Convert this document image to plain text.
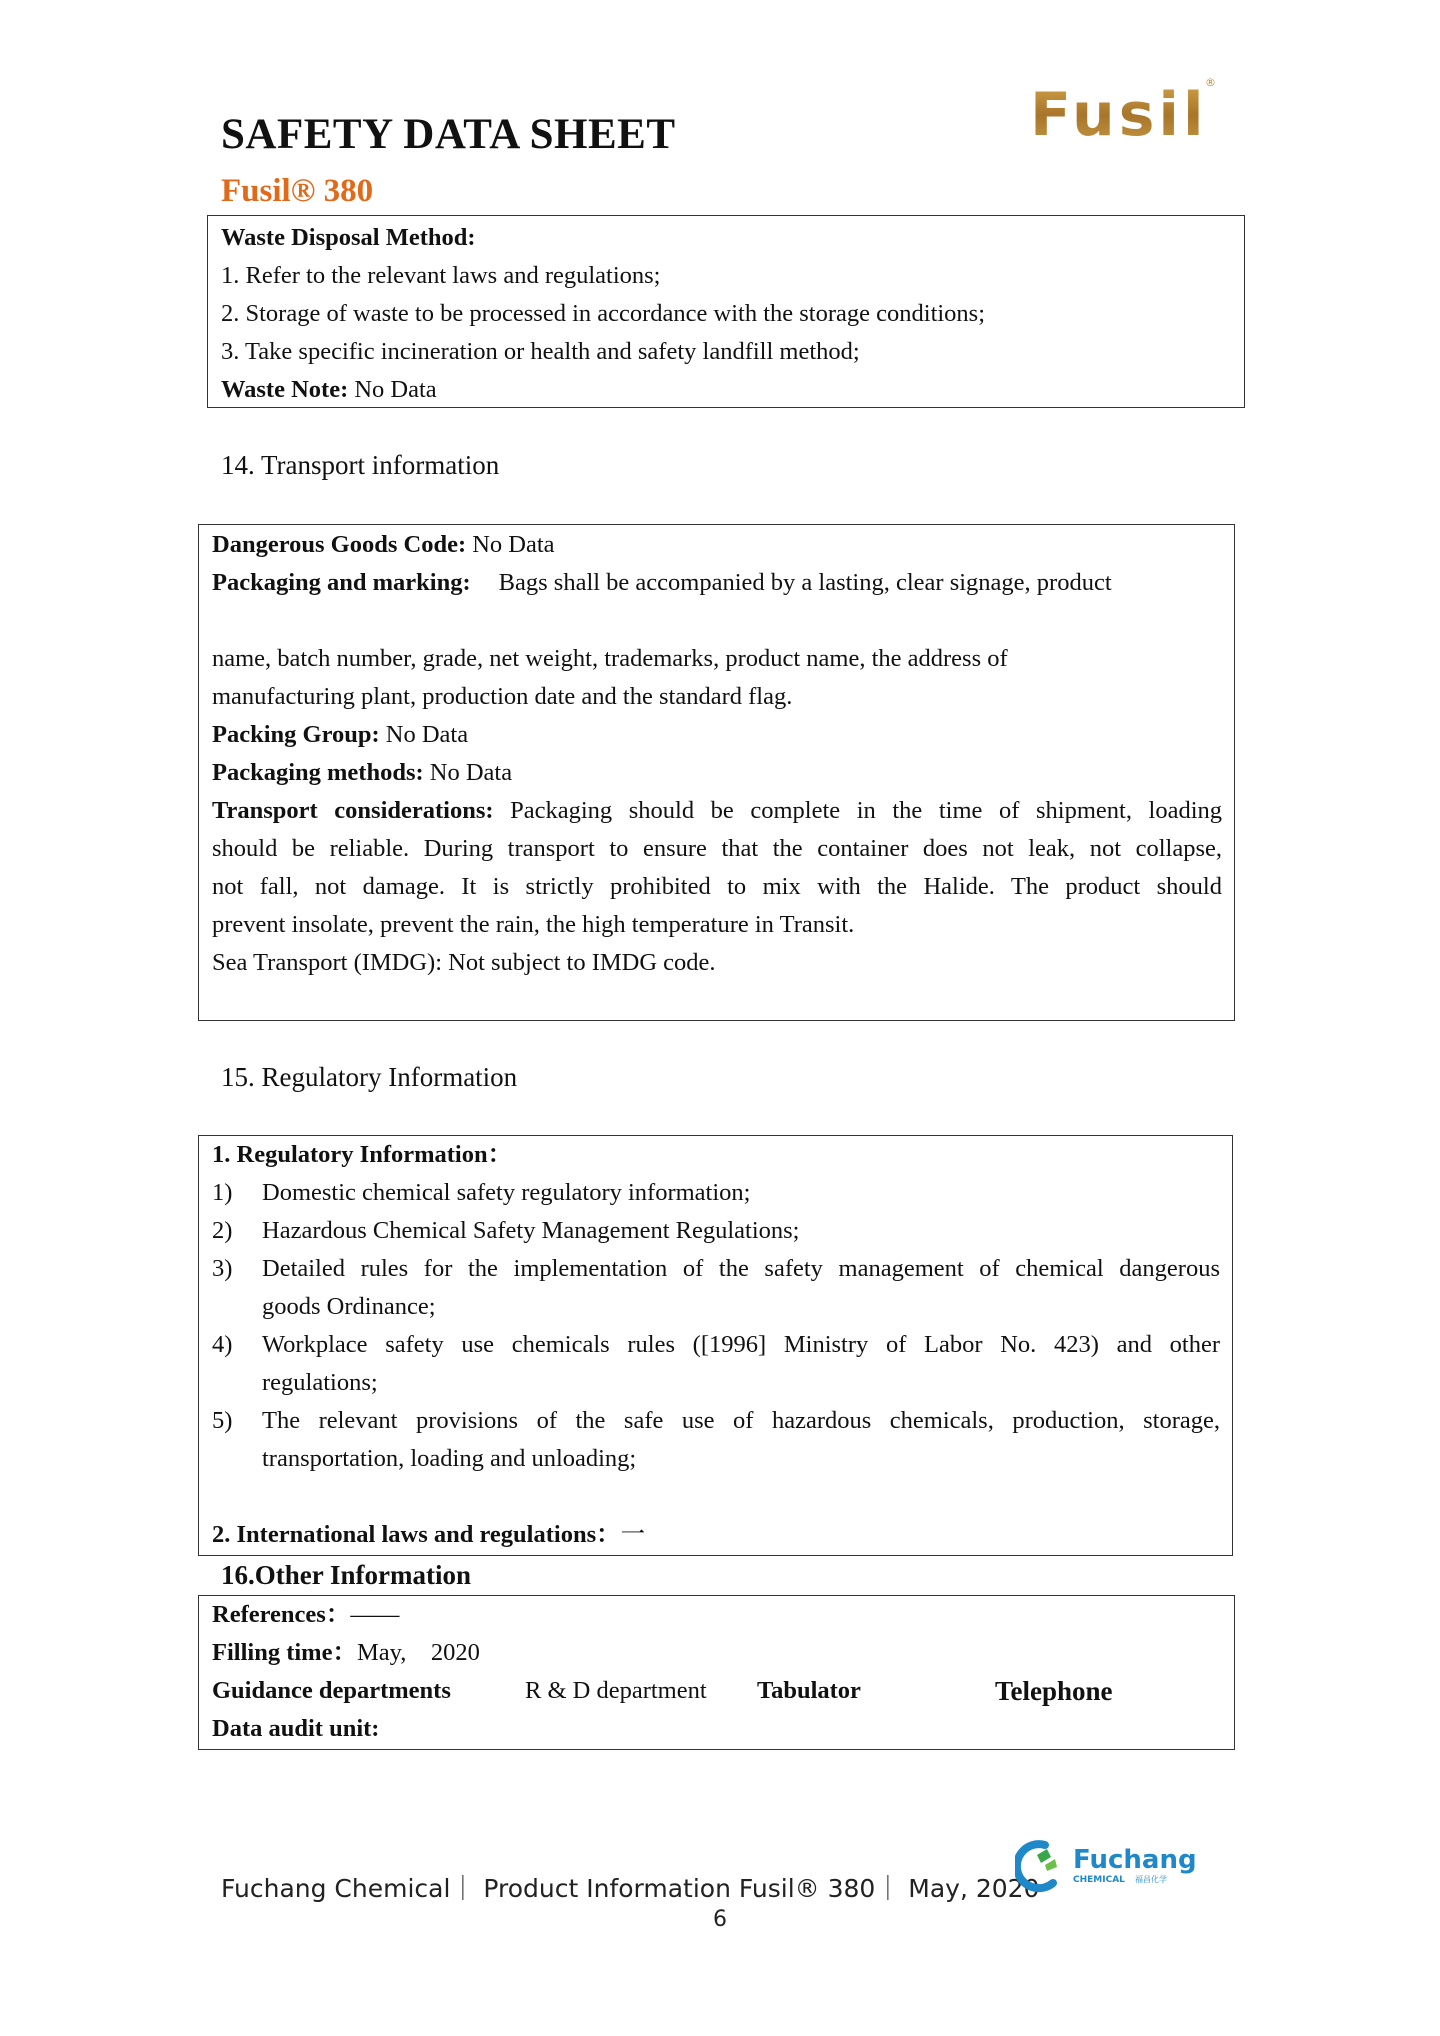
SAFETY DATA SHEET
Fusil® 380
Fusil
®
Waste Disposal Method:
1. Refer to the relevant laws and regulations;
2. Storage of waste to be processed in accordance with the storage conditions;
3. Take specific incineration or health and safety landfill method;
Waste Note: No Data
14. Transport information
Dangerous Goods Code: No Data
Packaging and marking: Bags shall be accompanied by a lasting, clear signage, product
name, batch number, grade, net weight, trademarks, product name, the address of
manufacturing plant, production date and the standard flag.
Packing Group: No Data
Packaging methods: No Data
Transport considerations: Packaging should be complete in the time of shipment, loading
should be reliable. During transport to ensure that the container does not leak, not collapse,
not fall, not damage. It is strictly prohibited to mix with the Halide. The product should
prevent insolate, prevent the rain, the high temperature in Transit.
Sea Transport (IMDG): Not subject to IMDG code.
15. Regulatory Information
1. Regulatory Information：
1) Domestic chemical safety regulatory information;
2) Hazardous Chemical Safety Management Regulations;
3) Detailed rules for the implementation of the safety management of chemical dangerous
goods Ordinance;
4) Workplace safety use chemicals rules ([1996] Ministry of Labor No. 423) and other
regulations;
5) The relevant provisions of the safe use of hazardous chemicals, production, storage,
transportation, loading and unloading;
2. International laws and regulations：一
16.Other Information
References：——
Filling time：May,    2020
Guidance departments	R & D department Tabulator	Telephone
Data audit unit:
Fuchang Chemical｜ Product Information Fusil® 380｜ May, 2020
6
Fuchang
CHEMICAL 福昌化学
